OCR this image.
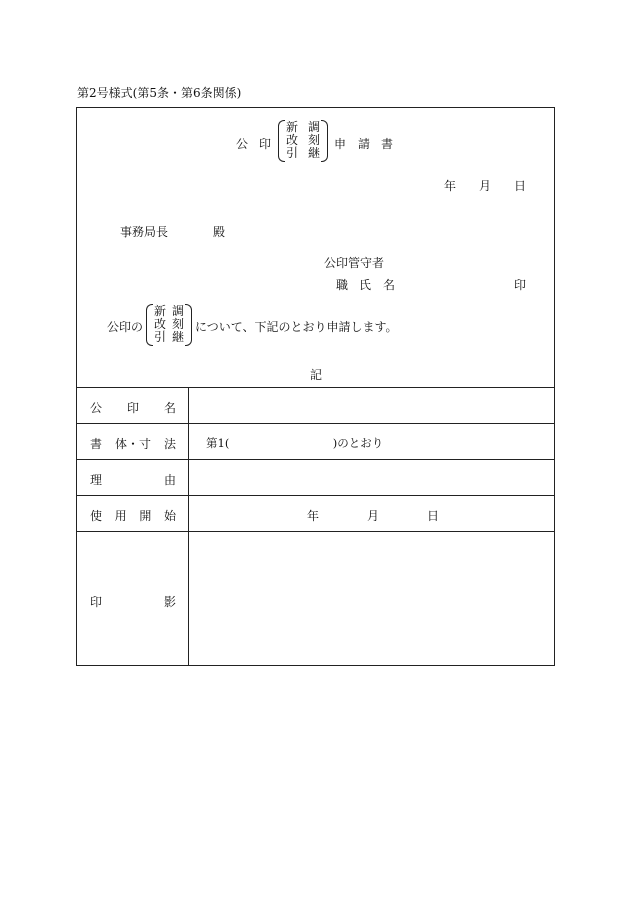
第2号様式(第5条・第6条関係)
公 印
新 調
改 刻
引 継
申 請 書
年 月 日
事務局長	殿
公印管守者
職 氏 名	印
公印の
新 調
改 刻
引 継
について、下記のとおり申請します。
記
公 印 名
書 体・寸 法	第1(　　　　　　　　　)のとおり
理	由
使 用 開 始	年	月	日
印	影
